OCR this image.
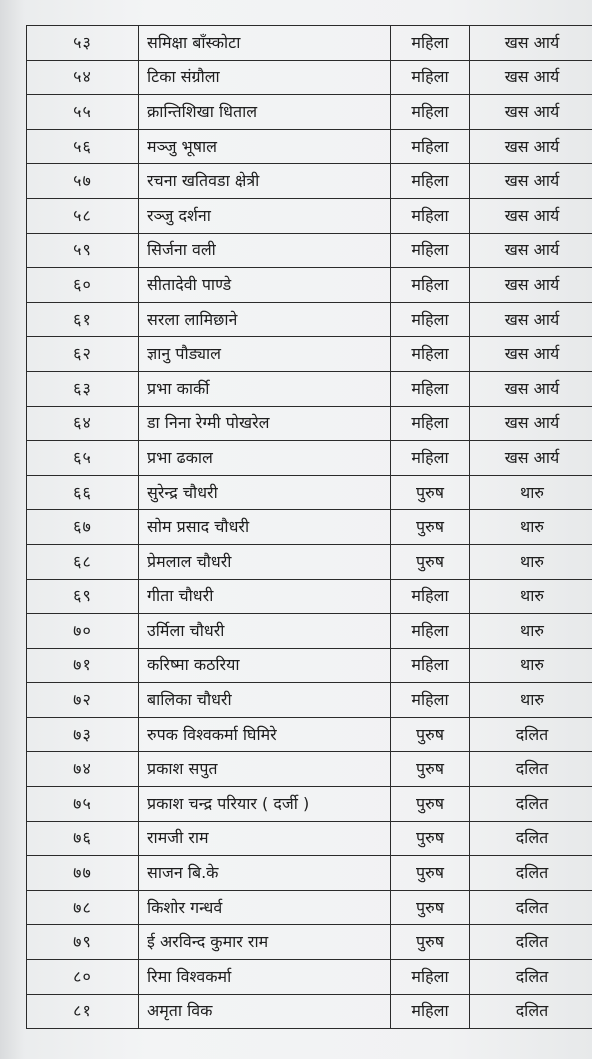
५३	समिक्षा बाँस्कोटा	महिला	खस आर्य	
५४	टिका संग्रौला	महिला	खस आर्य	
५५	क्रान्तिशिखा धिताल	महिला	खस आर्य	
५६	मञ्जु भूषाल	महिला	खस आर्य	
५७	रचना खतिवडा क्षेत्री	महिला	खस आर्य	
५८	रञ्जु दर्शना	महिला	खस आर्य	
५९	सिर्जना वली	महिला	खस आर्य	
६०	सीतादेवी पाण्डे	महिला	खस आर्य	
६१	सरला लामिछाने	महिला	खस आर्य	
६२	ज्ञानु पौड्याल	महिला	खस आर्य	
६३	प्रभा कार्की	महिला	खस आर्य	
६४	डा निना रेग्मी पोखरेल	महिला	खस आर्य	
६५	प्रभा ढकाल	महिला	खस आर्य	
६६	सुरेन्द्र चौधरी	पुरुष	थारु	
६७	सोम प्रसाद चौधरी	पुरुष	थारु	
६८	प्रेमलाल चौधरी	पुरुष	थारु	
६९	गीता चौधरी	महिला	थारु	
७०	उर्मिला चौधरी	महिला	थारु	
७१	करिष्मा कठरिया	महिला	थारु	
७२	बालिका चौधरी	महिला	थारु	
७३	रुपक विश्वकर्मा घिमिरे	पुरुष	दलित	
७४	प्रकाश सपुत	पुरुष	दलित	
७५	प्रकाश चन्द्र परियार ( दर्जी )	पुरुष	दलित	
७६	रामजी राम	पुरुष	दलित	
७७	साजन बि.के	पुरुष	दलित	
७८	किशोर गन्धर्व	पुरुष	दलित	
७९	ई अरविन्द कुमार राम	पुरुष	दलित	
८०	रिमा विश्वकर्मा	महिला	दलित	
८१	अमृता विक	महिला	दलित	
